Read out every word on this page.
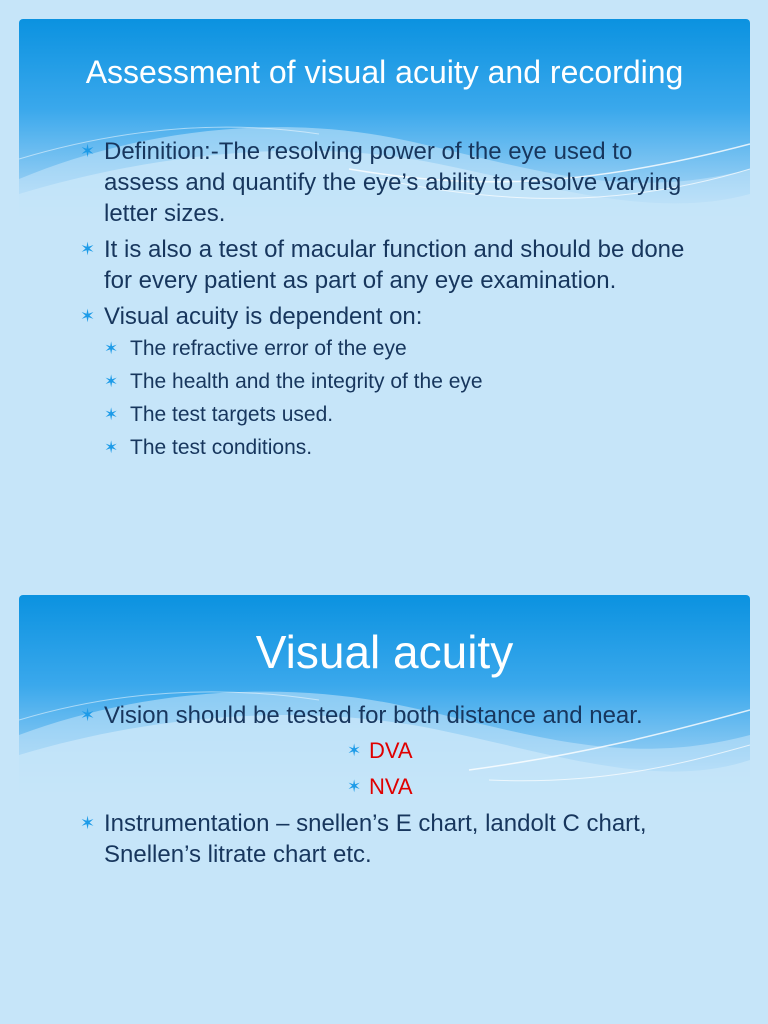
Assessment of visual acuity and recording
✶ Definition:-The resolving power of the eye used to assess and quantify the eye’s ability to resolve varying letter sizes.
✶ It is also a test of macular function and should be done for every patient as part of any eye examination.
✶ Visual acuity is dependent on:
✶ The refractive error of the eye
✶ The health and the integrity of the eye
✶ The test targets used.
✶ The test conditions.
Visual acuity
✶ Vision should be tested for both distance and near.
✶ DVA
✶ NVA
✶ Instrumentation – snellen’s E chart, landolt C chart, Snellen’s litrate chart etc.
